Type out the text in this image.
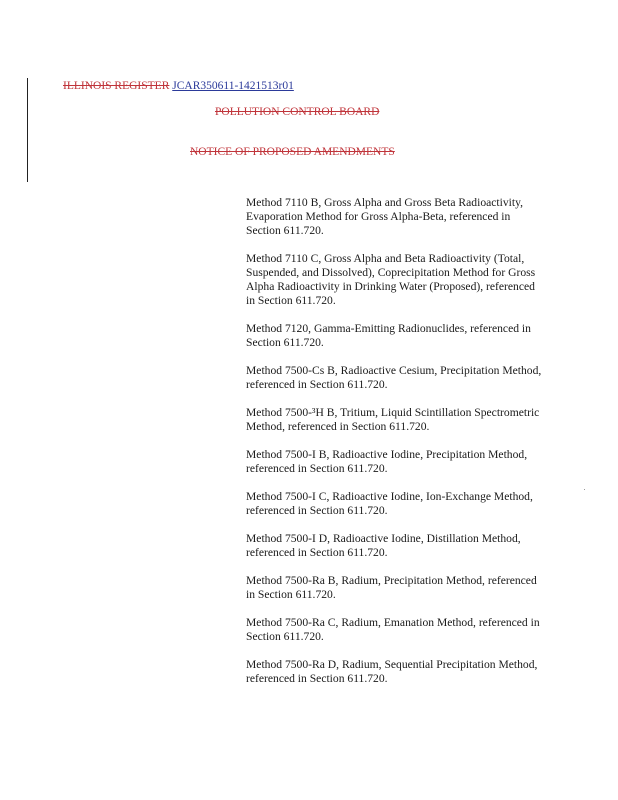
ILLINOIS REGISTER JCAR350611-1421513r01
POLLUTION CONTROL BOARD
NOTICE OF PROPOSED AMENDMENTS
Method 7110 B, Gross Alpha and Gross Beta Radioactivity, Evaporation Method for Gross Alpha-Beta, referenced in Section 611.720.
Method 7110 C, Gross Alpha and Beta Radioactivity (Total, Suspended, and Dissolved), Coprecipitation Method for Gross Alpha Radioactivity in Drinking Water (Proposed), referenced in Section 611.720.
Method 7120, Gamma-Emitting Radionuclides, referenced in Section 611.720.
Method 7500-Cs B, Radioactive Cesium, Precipitation Method, referenced in Section 611.720.
Method 7500-³H B, Tritium, Liquid Scintillation Spectrometric Method, referenced in Section 611.720.
Method 7500-I B, Radioactive Iodine, Precipitation Method, referenced in Section 611.720.
Method 7500-I C, Radioactive Iodine, Ion-Exchange Method, referenced in Section 611.720.
Method 7500-I D, Radioactive Iodine, Distillation Method, referenced in Section 611.720.
Method 7500-Ra B, Radium, Precipitation Method, referenced in Section 611.720.
Method 7500-Ra C, Radium, Emanation Method, referenced in Section 611.720.
Method 7500-Ra D, Radium, Sequential Precipitation Method, referenced in Section 611.720.
